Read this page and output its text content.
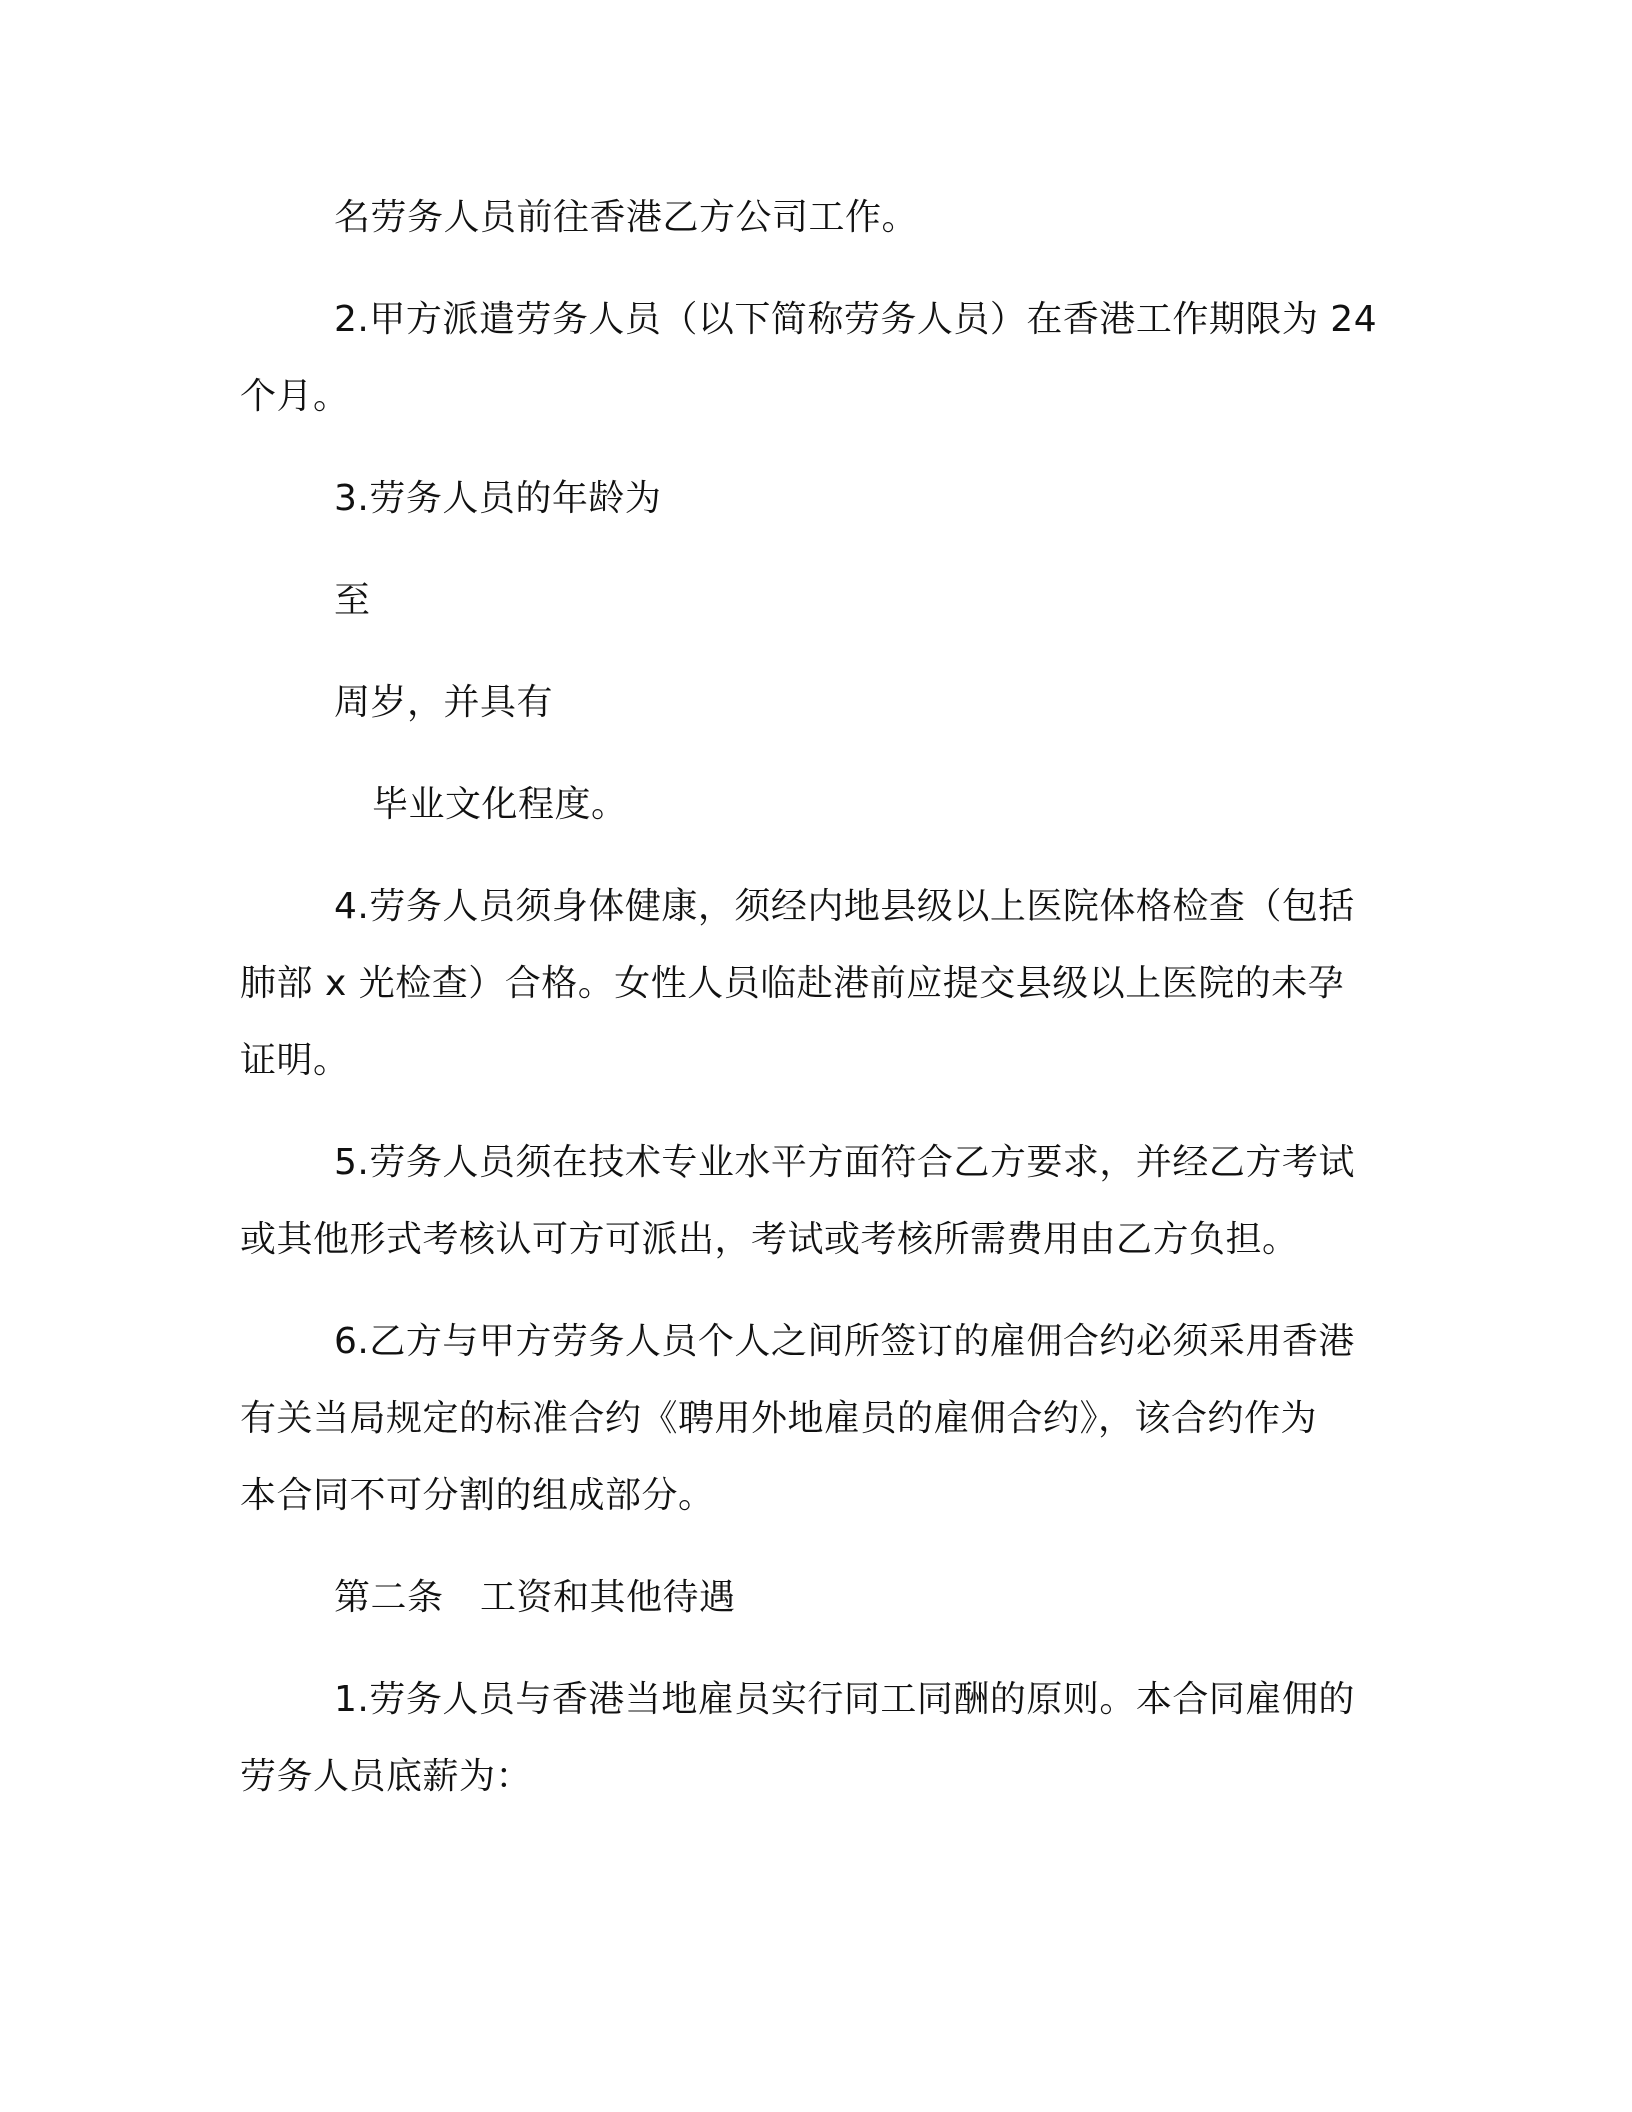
名劳务人员前往香港乙方公司工作。
2.甲方派遣劳务人员（以下简称劳务人员）在香港工作期限为 24
个月。
3.劳务人员的年龄为
至
周岁，并具有
毕业文化程度。
4.劳务人员须身体健康，须经内地县级以上医院体格检查（包括
肺部 x 光检查）合格。女性人员临赴港前应提交县级以上医院的未孕
证明。
5.劳务人员须在技术专业水平方面符合乙方要求，并经乙方考试
或其他形式考核认可方可派出，考试或考核所需费用由乙方负担。
6.乙方与甲方劳务人员个人之间所签订的雇佣合约必须采用香港
有关当局规定的标准合约《聘用外地雇员的雇佣合约》，该合约作为
本合同不可分割的组成部分。
第二条　工资和其他待遇
1.劳务人员与香港当地雇员实行同工同酬的原则。本合同雇佣的
劳务人员底薪为：
